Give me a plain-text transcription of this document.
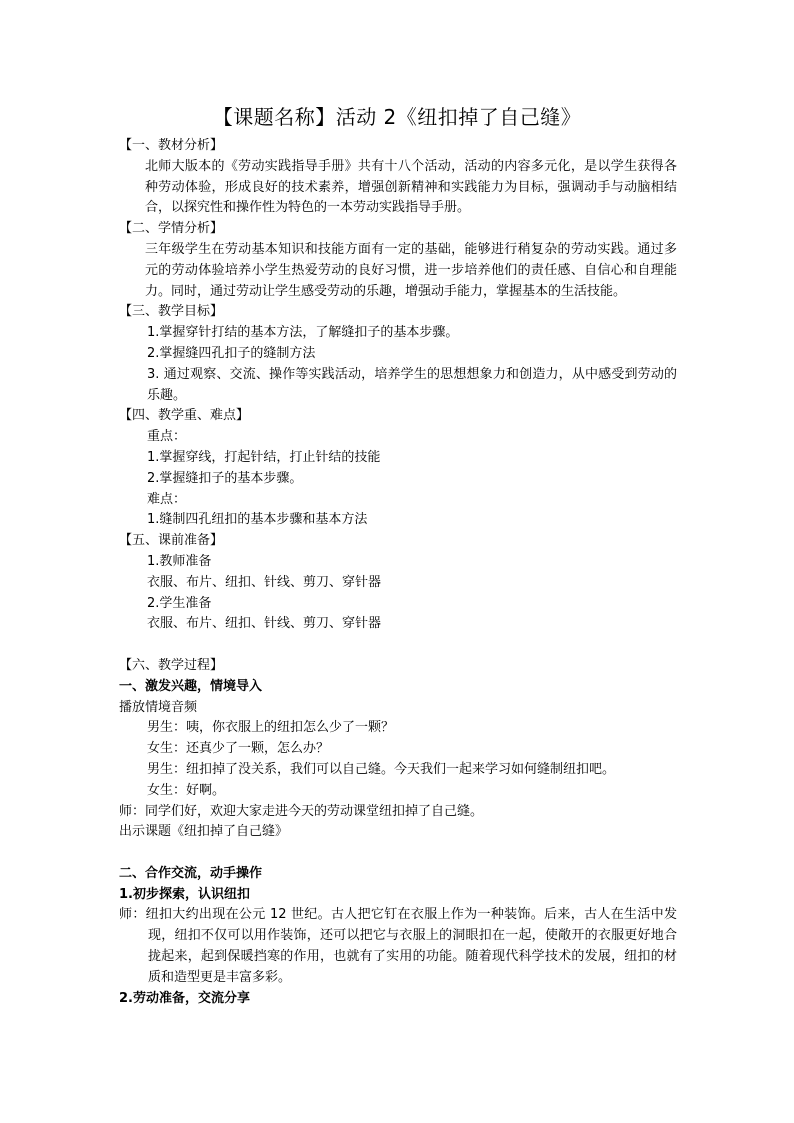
【课题名称】活动 2《纽扣掉了自己缝》

【一、教材分析】

北师大版本的《劳动实践指导手册》共有十八个活动，活动的内容多元化，是以学生获得各种劳动体验，形成良好的技术素养，增强创新精神和实践能力为目标，强调动手与动脑相结合，以探究性和操作性为特色的一本劳动实践指导手册。

【二、学情分析】

三年级学生在劳动基本知识和技能方面有一定的基础，能够进行稍复杂的劳动实践。通过多元的劳动体验培养小学生热爱劳动的良好习惯，进一步培养他们的责任感、自信心和自理能力。同时，通过劳动让学生感受劳动的乐趣，增强动手能力，掌握基本的生活技能。

【三、教学目标】

1.掌握穿针打结的基本方法，了解缝扣子的基本步骤。

2.掌握缝四孔扣子的缝制方法

3. 通过观察、交流、操作等实践活动，培养学生的思想想象力和创造力，从中感受到劳动的乐趣。

【四、教学重、难点】

重点：

1.掌握穿线，打起针结，打止针结的技能

2.掌握缝扣子的基本步骤。

难点：

1.缝制四孔纽扣的基本步骤和基本方法

【五、课前准备】

1.教师准备

衣服、布片、纽扣、针线、剪刀、穿针器

2.学生准备

衣服、布片、纽扣、针线、剪刀、穿针器

【六、教学过程】

一、激发兴趣，情境导入

播放情境音频

男生：咦，你衣服上的纽扣怎么少了一颗？

女生：还真少了一颗，怎么办？

男生：纽扣掉了没关系，我们可以自己缝。今天我们一起来学习如何缝制纽扣吧。

女生：好啊。

师：同学们好，欢迎大家走进今天的劳动课堂纽扣掉了自己缝。

出示课题《纽扣掉了自己缝》

二、合作交流，动手操作

1.初步探索，认识纽扣

师：纽扣大约出现在公元 12 世纪。古人把它钉在衣服上作为一种装饰。后来，古人在生活中发现，纽扣不仅可以用作装饰，还可以把它与衣服上的洞眼扣在一起，使敞开的衣服更好地合拢起来，起到保暖挡寒的作用，也就有了实用的功能。随着现代科学技术的发展，纽扣的材质和造型更是丰富多彩。

2.劳动准备，交流分享
